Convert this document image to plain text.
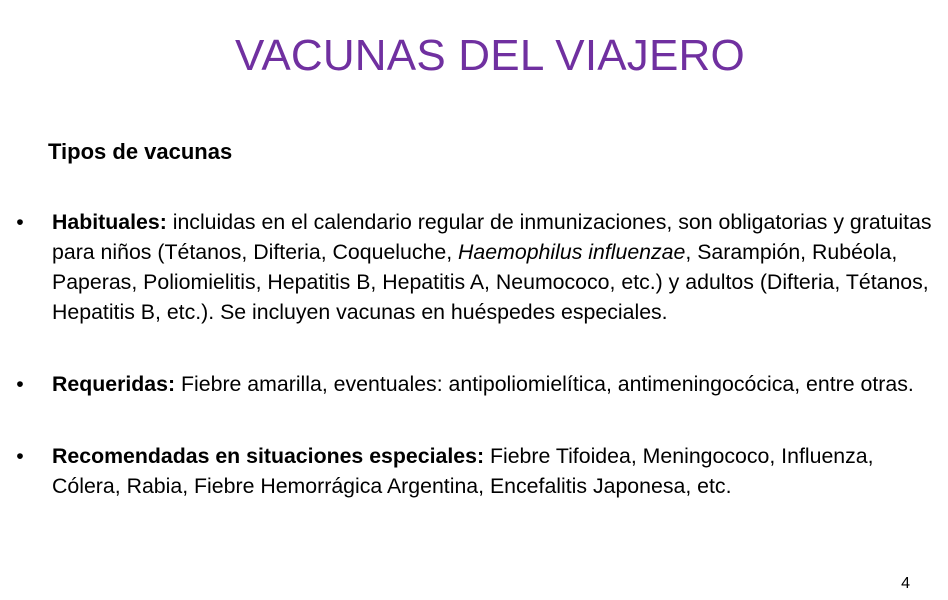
VACUNAS DEL VIAJERO
Tipos de vacunas
• Habituales: incluidas en el calendario regular de inmunizaciones, son obligatorias y gratuitas para niños (Tétanos, Difteria, Coqueluche, Haemophilus influenzae, Sarampión, Rubéola, Paperas, Poliomielitis, Hepatitis B, Hepatitis A, Neumococo, etc.) y adultos (Difteria, Tétanos, Hepatitis B, etc.). Se incluyen vacunas en huéspedes especiales.
• Requeridas: Fiebre amarilla, eventuales: antipoliomielítica, antimeningocócica, entre otras.
• Recomendadas en situaciones especiales: Fiebre Tifoidea, Meningococo, Influenza, Cólera, Rabia, Fiebre Hemorrágica Argentina, Encefalitis Japonesa, etc.
4
